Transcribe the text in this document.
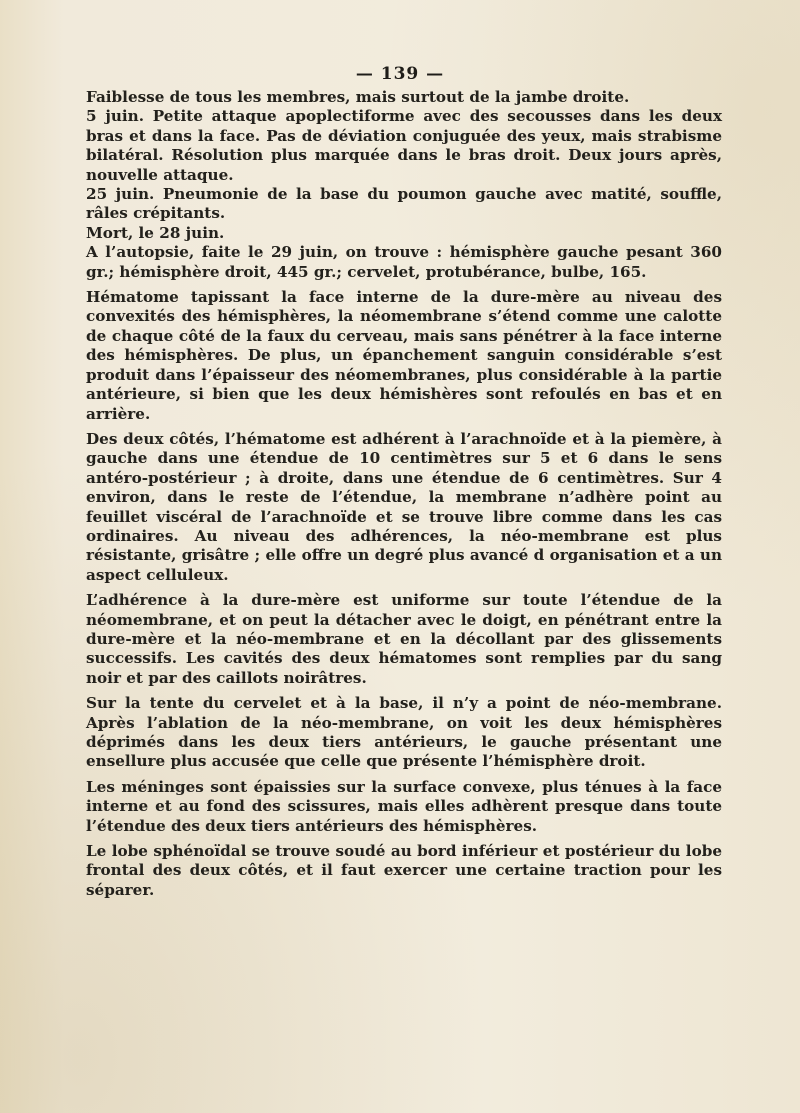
— 139 —

Faiblesse de tous les membres, mais surtout de la jambe droite.

5 juin. Petite attaque apoplectiforme avec des secousses dans les deux bras et dans la face. Pas de déviation conjuguée des yeux, mais strabisme bilatéral. Résolution plus marquée dans le bras droit. Deux jours après, nouvelle attaque.

25 juin. Pneumonie de la base du poumon gauche avec matité, souffle, râles crépitants.

Mort, le 28 juin.

A l’autopsie, faite le 29 juin, on trouve : hémisphère gauche pesant 360 gr.; hémisphère droit, 445 gr.; cervelet, protubérance, bulbe, 165.

Hématome tapissant la face interne de la dure-mère au niveau des convexités des hémisphères, la néomembrane s’étend comme une calotte de chaque côté de la faux du cerveau, mais sans pénétrer à la face interne des hémisphères. De plus, un épanchement sanguin considérable s’est produit dans l’épaisseur des néomembranes, plus considérable à la partie antérieure, si bien que les deux hémishères sont refoulés en bas et en arrière.

Des deux côtés, l’hématome est adhérent à l’arachnoïde et à la piemère, à gauche dans une étendue de 10 centimètres sur 5 et 6 dans le sens antéro-postérieur ; à droite, dans une étendue de 6 centimètres. Sur 4 environ, dans le reste de l’étendue, la membrane n’adhère point au feuillet viscéral de l’arachnoïde et se trouve libre comme dans les cas ordinaires. Au niveau des adhérences, la néo-membrane est plus résistante, grisâtre ; elle offre un degré plus avancé d organisation et a un aspect celluleux.

L’adhérence à la dure-mère est uniforme sur toute l’étendue de la néomembrane, et on peut la détacher avec le doigt, en pénétrant entre la dure-mère et la néo-membrane et en la décollant par des glissements successifs. Les cavités des deux hématomes sont remplies par du sang noir et par des caillots noirâtres.

Sur la tente du cervelet et à la base, il n’y a point de néo-membrane. Après l’ablation de la néo-membrane, on voit les deux hémisphères déprimés dans les deux tiers antérieurs, le gauche présentant une ensellure plus accusée que celle que présente l’hémisphère droit.

Les méninges sont épaissies sur la surface convexe, plus ténues à la face interne et au fond des scissures, mais elles adhèrent presque dans toute l’étendue des deux tiers antérieurs des hémisphères.

Le lobe sphénoïdal se trouve soudé au bord inférieur et postérieur du lobe frontal des deux côtés, et il faut exercer une certaine traction pour les séparer.
